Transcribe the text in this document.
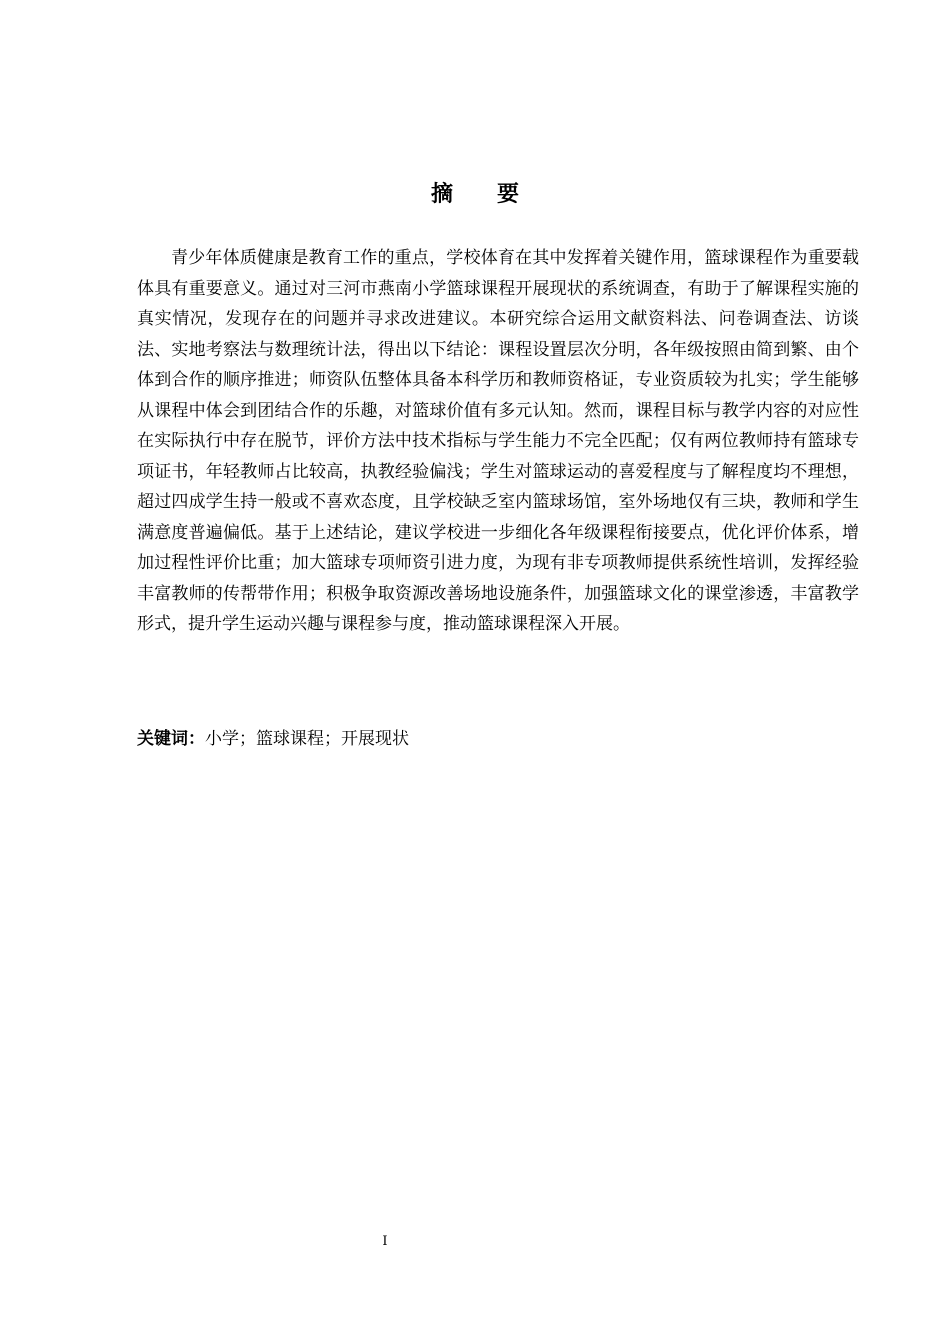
摘要

青少年体质健康是教育工作的重点，学校体育在其中发挥着关键作用，篮球课程作为重要载体具有重要意义。通过对三河市燕南小学篮球课程开展现状的系统调查，有助于了解课程实施的真实情况，发现存在的问题并寻求改进建议。本研究综合运用文献资料法、问卷调查法、访谈法、实地考察法与数理统计法，得出以下结论：课程设置层次分明，各年级按照由简到繁、由个体到合作的顺序推进；师资队伍整体具备本科学历和教师资格证，专业资质较为扎实；学生能够从课程中体会到团结合作的乐趣，对篮球价值有多元认知。然而，课程目标与教学内容的对应性在实际执行中存在脱节，评价方法中技术指标与学生能力不完全匹配；仅有两位教师持有篮球专项证书，年轻教师占比较高，执教经验偏浅；学生对篮球运动的喜爱程度与了解程度均不理想，超过四成学生持一般或不喜欢态度，且学校缺乏室内篮球场馆，室外场地仅有三块，教师和学生满意度普遍偏低。基于上述结论，建议学校进一步细化各年级课程衔接要点，优化评价体系，增加过程性评价比重；加大篮球专项师资引进力度，为现有非专项教师提供系统性培训，发挥经验丰富教师的传帮带作用；积极争取资源改善场地设施条件，加强篮球文化的课堂渗透，丰富教学形式，提升学生运动兴趣与课程参与度，推动篮球课程深入开展。

关键词：小学；篮球课程；开展现状
I
